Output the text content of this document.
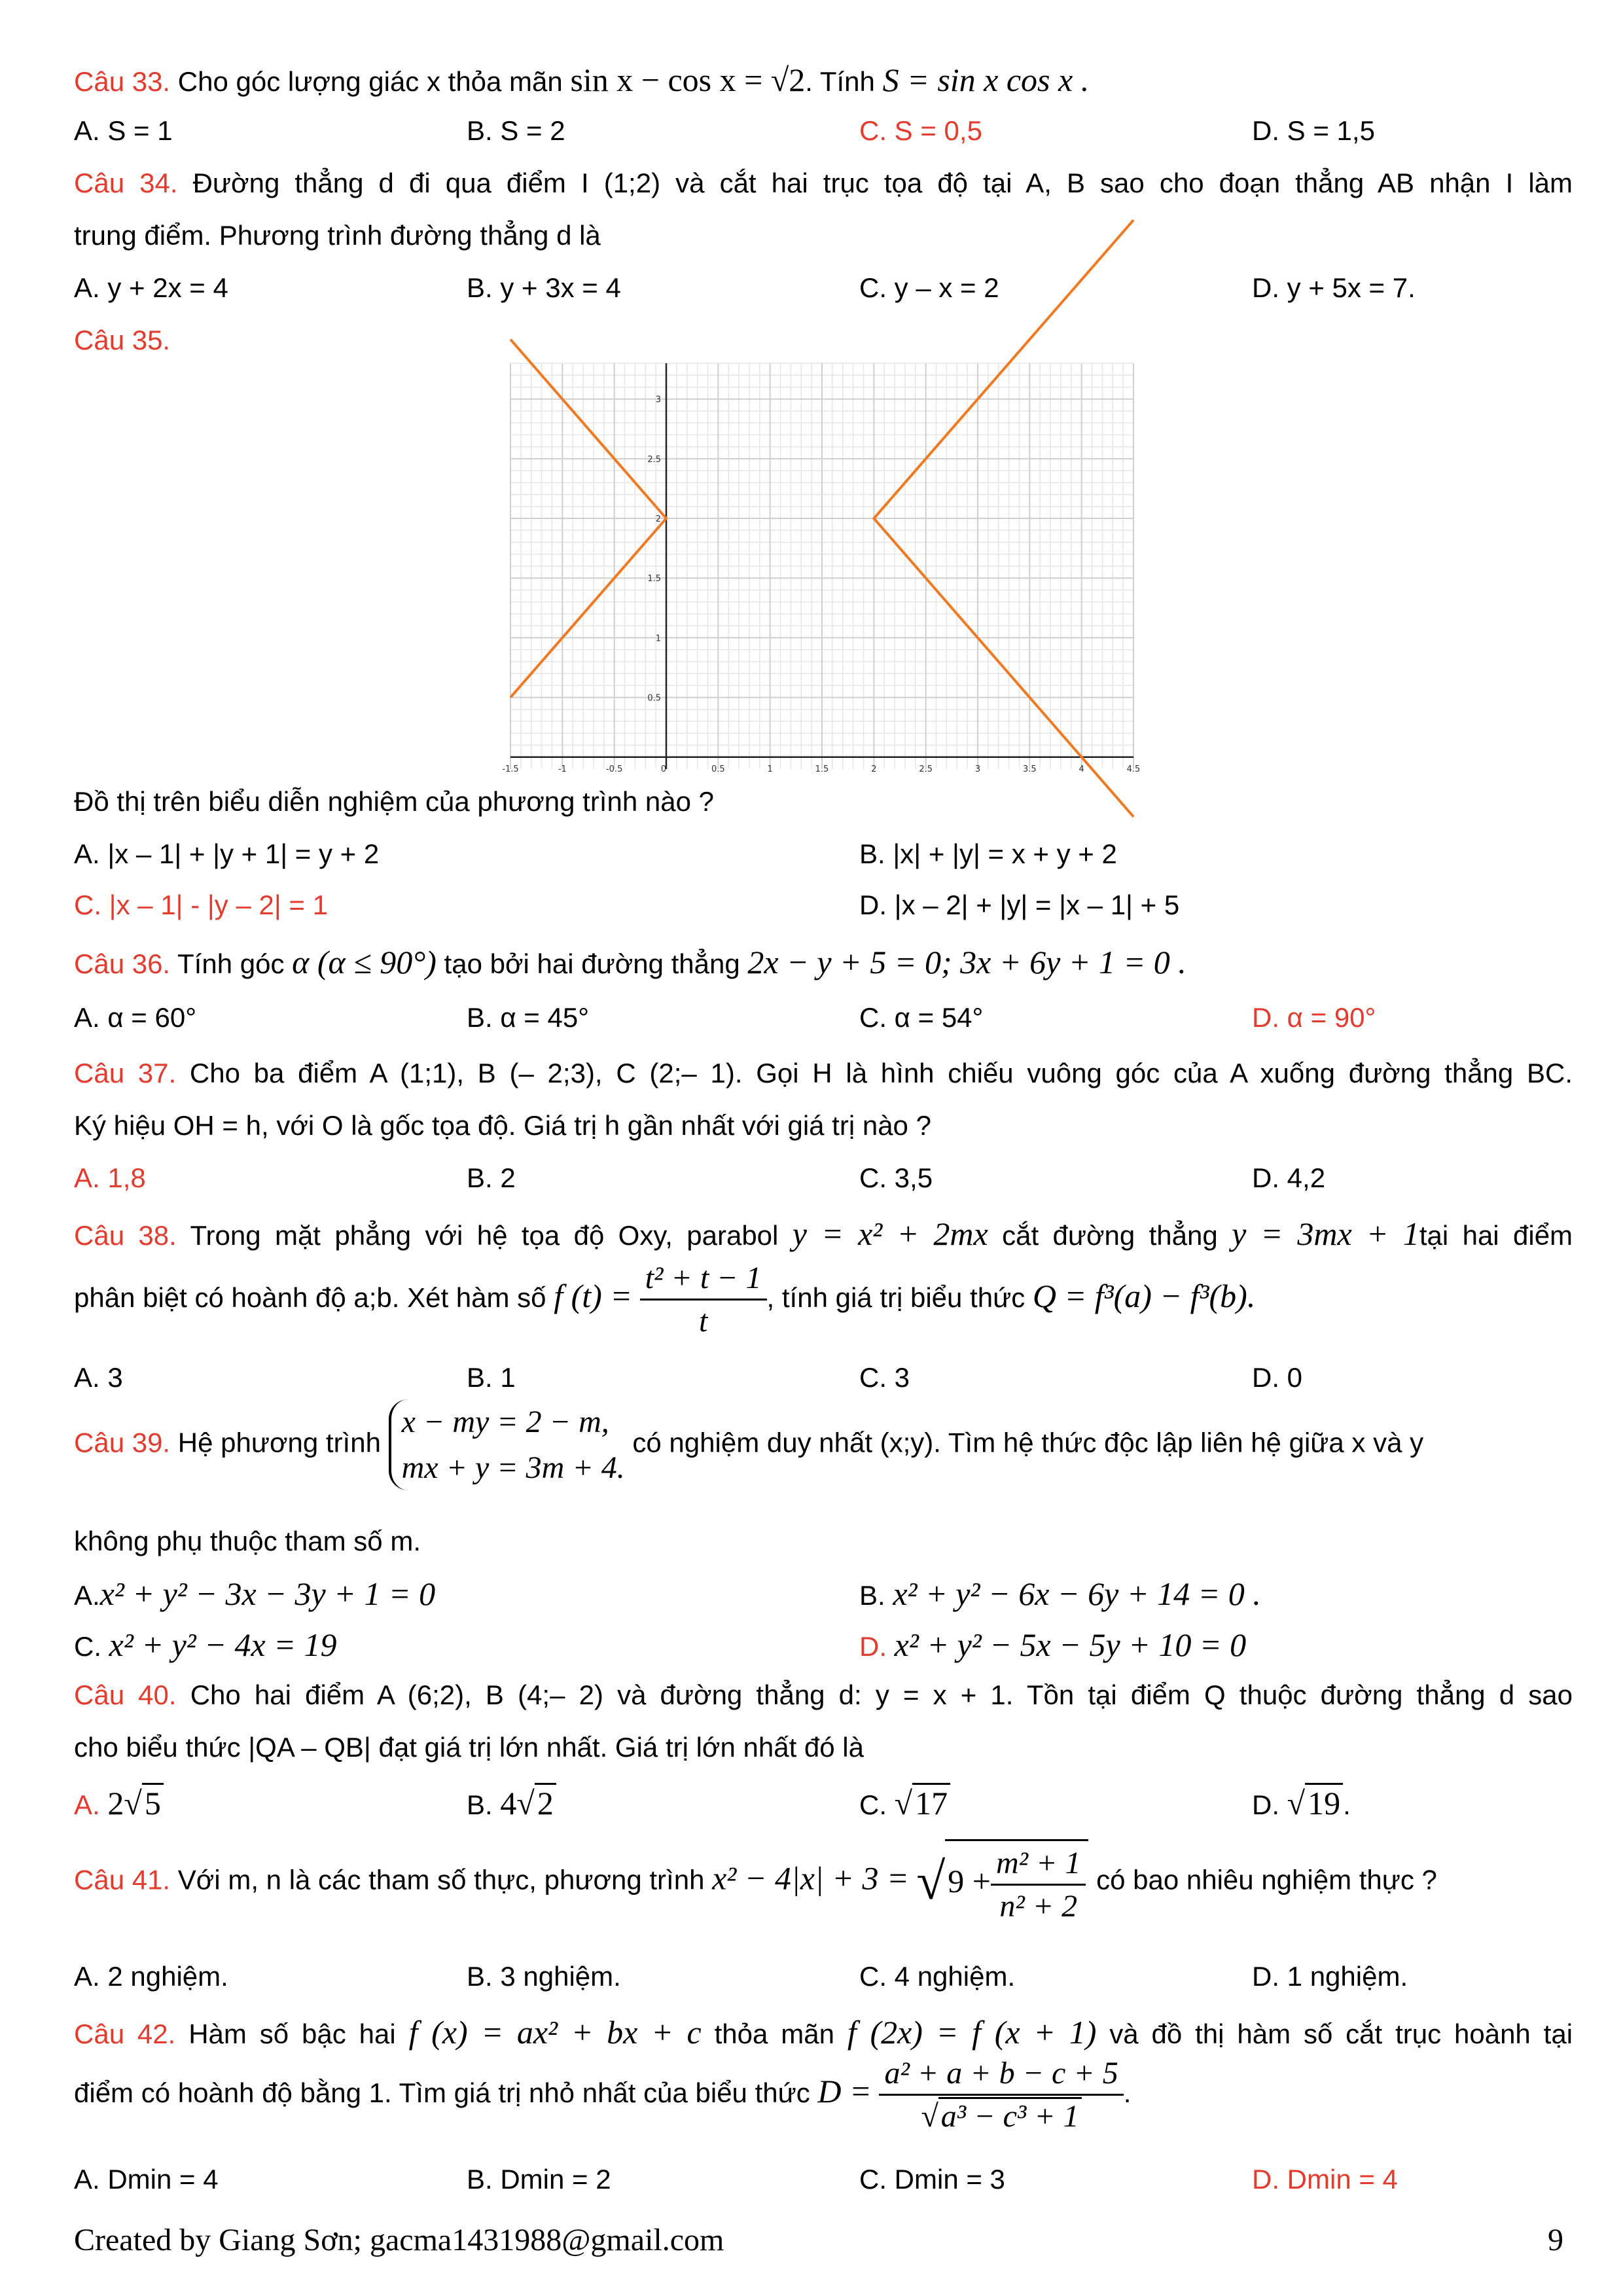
Câu 33. Cho góc lượng giác x thỏa mãn sin x − cos x = √2. Tính S = sin x cos x .
A. S = 1	B. S = 2	C. S = 0,5	D. S = 1,5
Câu 34. Đường thẳng d đi qua điểm I (1;2) và cắt hai trục tọa độ tại A, B sao cho đoạn thẳng AB nhận I làm
trung điểm. Phương trình đường thẳng d là
A. y + 2x = 4	B. y + 3x = 4	C. y – x = 2	D. y + 5x = 7.
Câu 35.
-1.5	-1	-0.5	0	0.5	1	1.5	2	2.5	3	3.5	4	4.5
0.5
1
1.5
2
2.5
3
Đồ thị trên biểu diễn nghiệm của phương trình nào ?
A. |x – 1| + |y + 1| = y + 2	B. |x| + |y| = x + y + 2
C. |x – 1| - |y – 2| = 1	D. |x – 2| + |y| = |x – 1| + 5
Câu 36. Tính góc α (α ≤ 90°) tạo bởi hai đường thẳng 2x − y + 5 = 0; 3x + 6y + 1 = 0 .
A. α = 60°	B. α = 45°	C. α = 54°	D. α = 90°
Câu 37. Cho ba điểm A (1;1), B (– 2;3), C (2;– 1). Gọi H là hình chiếu vuông góc của A xuống đường thẳng BC.
Ký hiệu OH = h, với O là gốc tọa độ. Giá trị h gần nhất với giá trị nào ?
A. 1,8	B. 2	C. 3,5	D. 4,2
Câu 38. Trong mặt phẳng với hệ tọa độ Oxy, parabol y = x² + 2mx cắt đường thẳng y = 3mx + 1tại hai điểm
phân biệt có hoành độ a;b. Xét hàm số f $(t) = \frac{\text{t² + t − 1}}{t}$ , tính giá trị biểu thức Q = f³(a) − f³(b).
A. 3	B. 1	C. 3	D. 0
Câu 39. Hệ phương trình x − my = 2 − m,
mx + y = 3m + 4. có nghiệm duy nhất (x;y). Tìm hệ thức độc lập liên hệ giữa x và y
không phụ thuộc tham số m.
A.x² + y² − 3x − 3y + 1 = 0	B. x² + y² − 6x − 6y + 14 = 0 .
C. x² + y² − 4x = 19	D. x² + y² − 5x − 5y + 10 = 0
Câu 40. Cho hai điểm A (6;2), B (4;– 2) và đường thẳng d: y = x + 1. Tồn tại điểm Q thuộc đường thẳng d sao
cho biểu thức |QA – QB| đạt giá trị lớn nhất. Giá trị lớn nhất đó là
A. 2√5	B. 4√2	C. √17	D. √19.
Câu 41. Với m, n là các tham số thực, phương trình $x^2 - 4|x| + 3 = √9 + \frac{\text{m² + 1}}{\text{n² + 2}}$ có bao nhiêu nghiệm thực ?
A. 2 nghiệm.	B. 3 nghiệm.	C. 4 nghiệm.	D. 1 nghiệm.
Câu 42. Hàm số bậc hai f (x) = ax² + bx + c thỏa mãn f (2x) = f (x + 1) và đồ thị hàm số cắt trục hoành tại
điểm có hoành độ bằng 1. Tìm giá trị nhỏ nhất của biểu thức $D = \frac{\text{a² + a + b − c + 5}}{\text{√a³ − c³ + 1}}$ .
A. Dmin = 4	B. Dmin = 2	C. Dmin = 3	D. Dmin = 4
Created by Giang Sơn; gacma1431988@gmail.com	9
